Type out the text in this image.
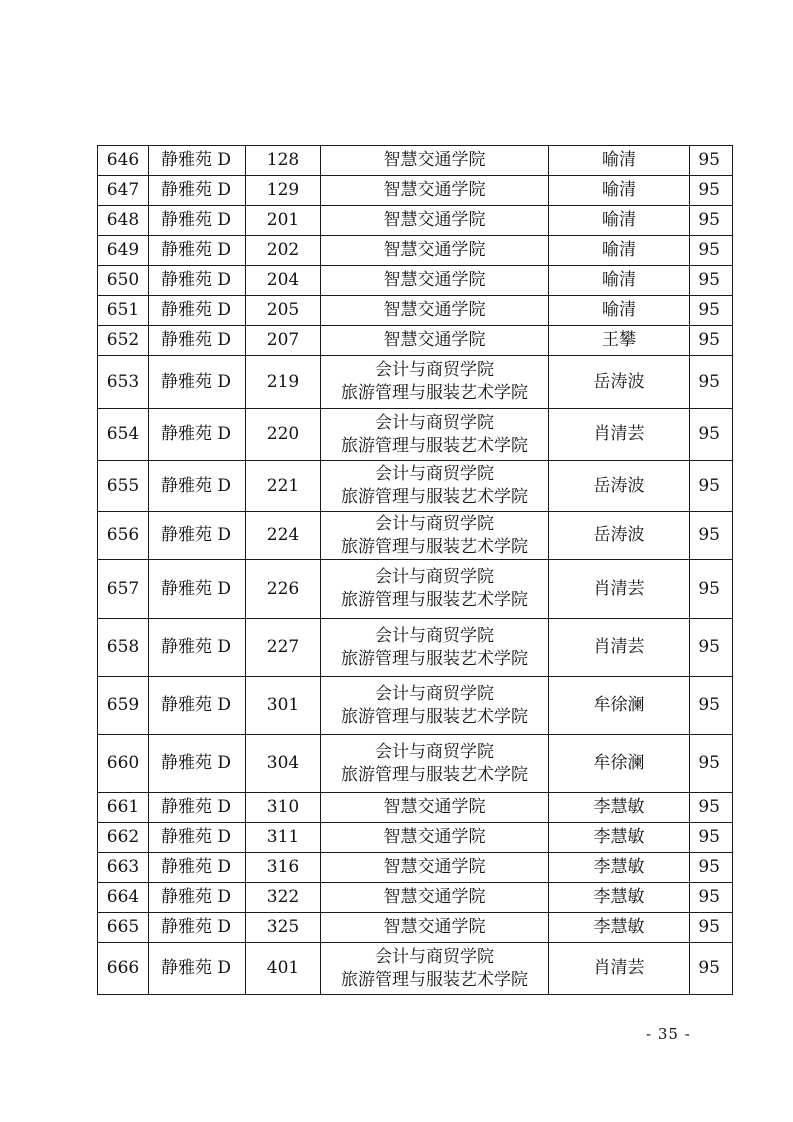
646	静雅苑 D	128	智慧交通学院	喻清	95
647	静雅苑 D	129	智慧交通学院	喻清	95
648	静雅苑 D	201	智慧交通学院	喻清	95
649	静雅苑 D	202	智慧交通学院	喻清	95
650	静雅苑 D	204	智慧交通学院	喻清	95
651	静雅苑 D	205	智慧交通学院	喻清	95
652	静雅苑 D	207	智慧交通学院	王攀	95
653	静雅苑 D	219	会计与商贸学院
旅游管理与服装艺术学院	岳涛波	95
654	静雅苑 D	220	会计与商贸学院
旅游管理与服装艺术学院	肖清芸	95
655	静雅苑 D	221	会计与商贸学院
旅游管理与服装艺术学院	岳涛波	95
656	静雅苑 D	224	会计与商贸学院
旅游管理与服装艺术学院	岳涛波	95
657	静雅苑 D	226	会计与商贸学院
旅游管理与服装艺术学院	肖清芸	95
658	静雅苑 D	227	会计与商贸学院
旅游管理与服装艺术学院	肖清芸	95
659	静雅苑 D	301	会计与商贸学院
旅游管理与服装艺术学院	牟徐澜	95
660	静雅苑 D	304	会计与商贸学院
旅游管理与服装艺术学院	牟徐澜	95
661	静雅苑 D	310	智慧交通学院	李慧敏	95
662	静雅苑 D	311	智慧交通学院	李慧敏	95
663	静雅苑 D	316	智慧交通学院	李慧敏	95
664	静雅苑 D	322	智慧交通学院	李慧敏	95
665	静雅苑 D	325	智慧交通学院	李慧敏	95
666	静雅苑 D	401	会计与商贸学院
旅游管理与服装艺术学院	肖清芸	95
- 35 -
